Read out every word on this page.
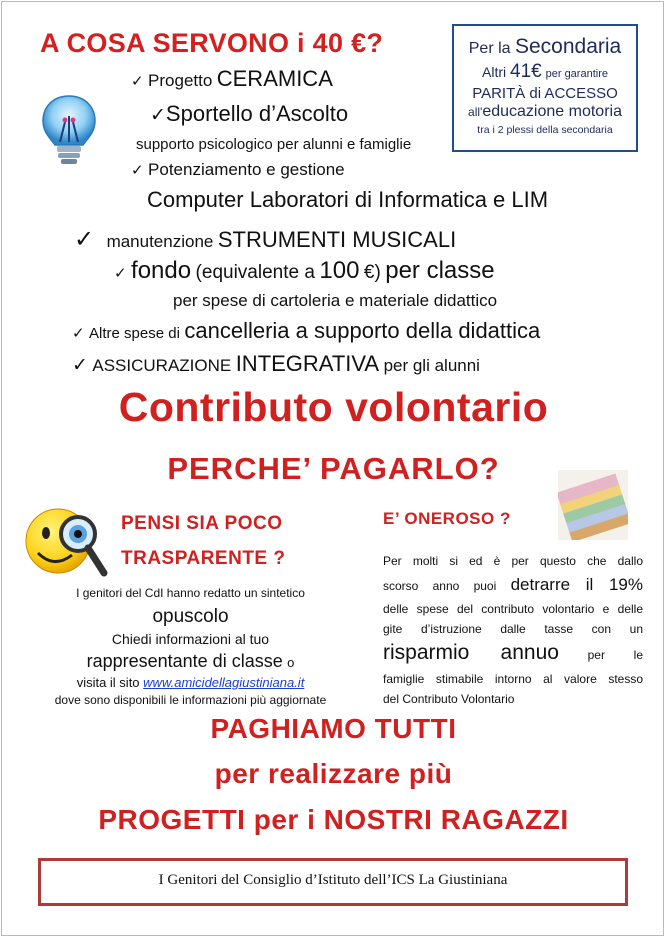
A COSA SERVONO i 40 €?	Per la Secondaria
Altri 41€ per garantire
PARITÀ di ACCESSO
all'educazione motoria
tra i 2 plessi della secondaria
✓ Progetto CERAMICA
✓Sportello d’Ascolto
supporto psicologico per alunni e famiglie
✓ Potenziamento e gestione
Computer Laboratori di Informatica e LIM
✓ manutenzione STRUMENTI MUSICALI
✓ fondo (equivalente a 100 €) per classe
per spese di cartoleria e materiale didattico
✓ Altre spese di cancelleria a supporto della didattica
✓ ASSICURAZIONE INTEGRATIVA per gli alunni
Contributo volontario
PERCHE’ PAGARLO?
PENSI SIA POCO
TRASPARENTE ?
I genitori del CdI hanno redatto un sintetico
opuscolo
Chiedi informazioni al tuo
rappresentante di classe o
visita il sito www.amicidellagiustiniana.it
dove sono disponibili le informazioni più aggiornate
E’ ONEROSO ?
Per molti si ed è per questo che dallo
scorso anno puoi detrarre il 19%
delle spese del contributo volontario e delle
gite d’istruzione dalle tasse con un
risparmio annuo per le
famiglie stimabile intorno al valore stesso
del Contributo Volontario
PAGHIAMO TUTTI
per realizzare più
PROGETTI per i NOSTRI RAGAZZI
I Genitori del Consiglio d’Istituto dell’ICS La Giustiniana
